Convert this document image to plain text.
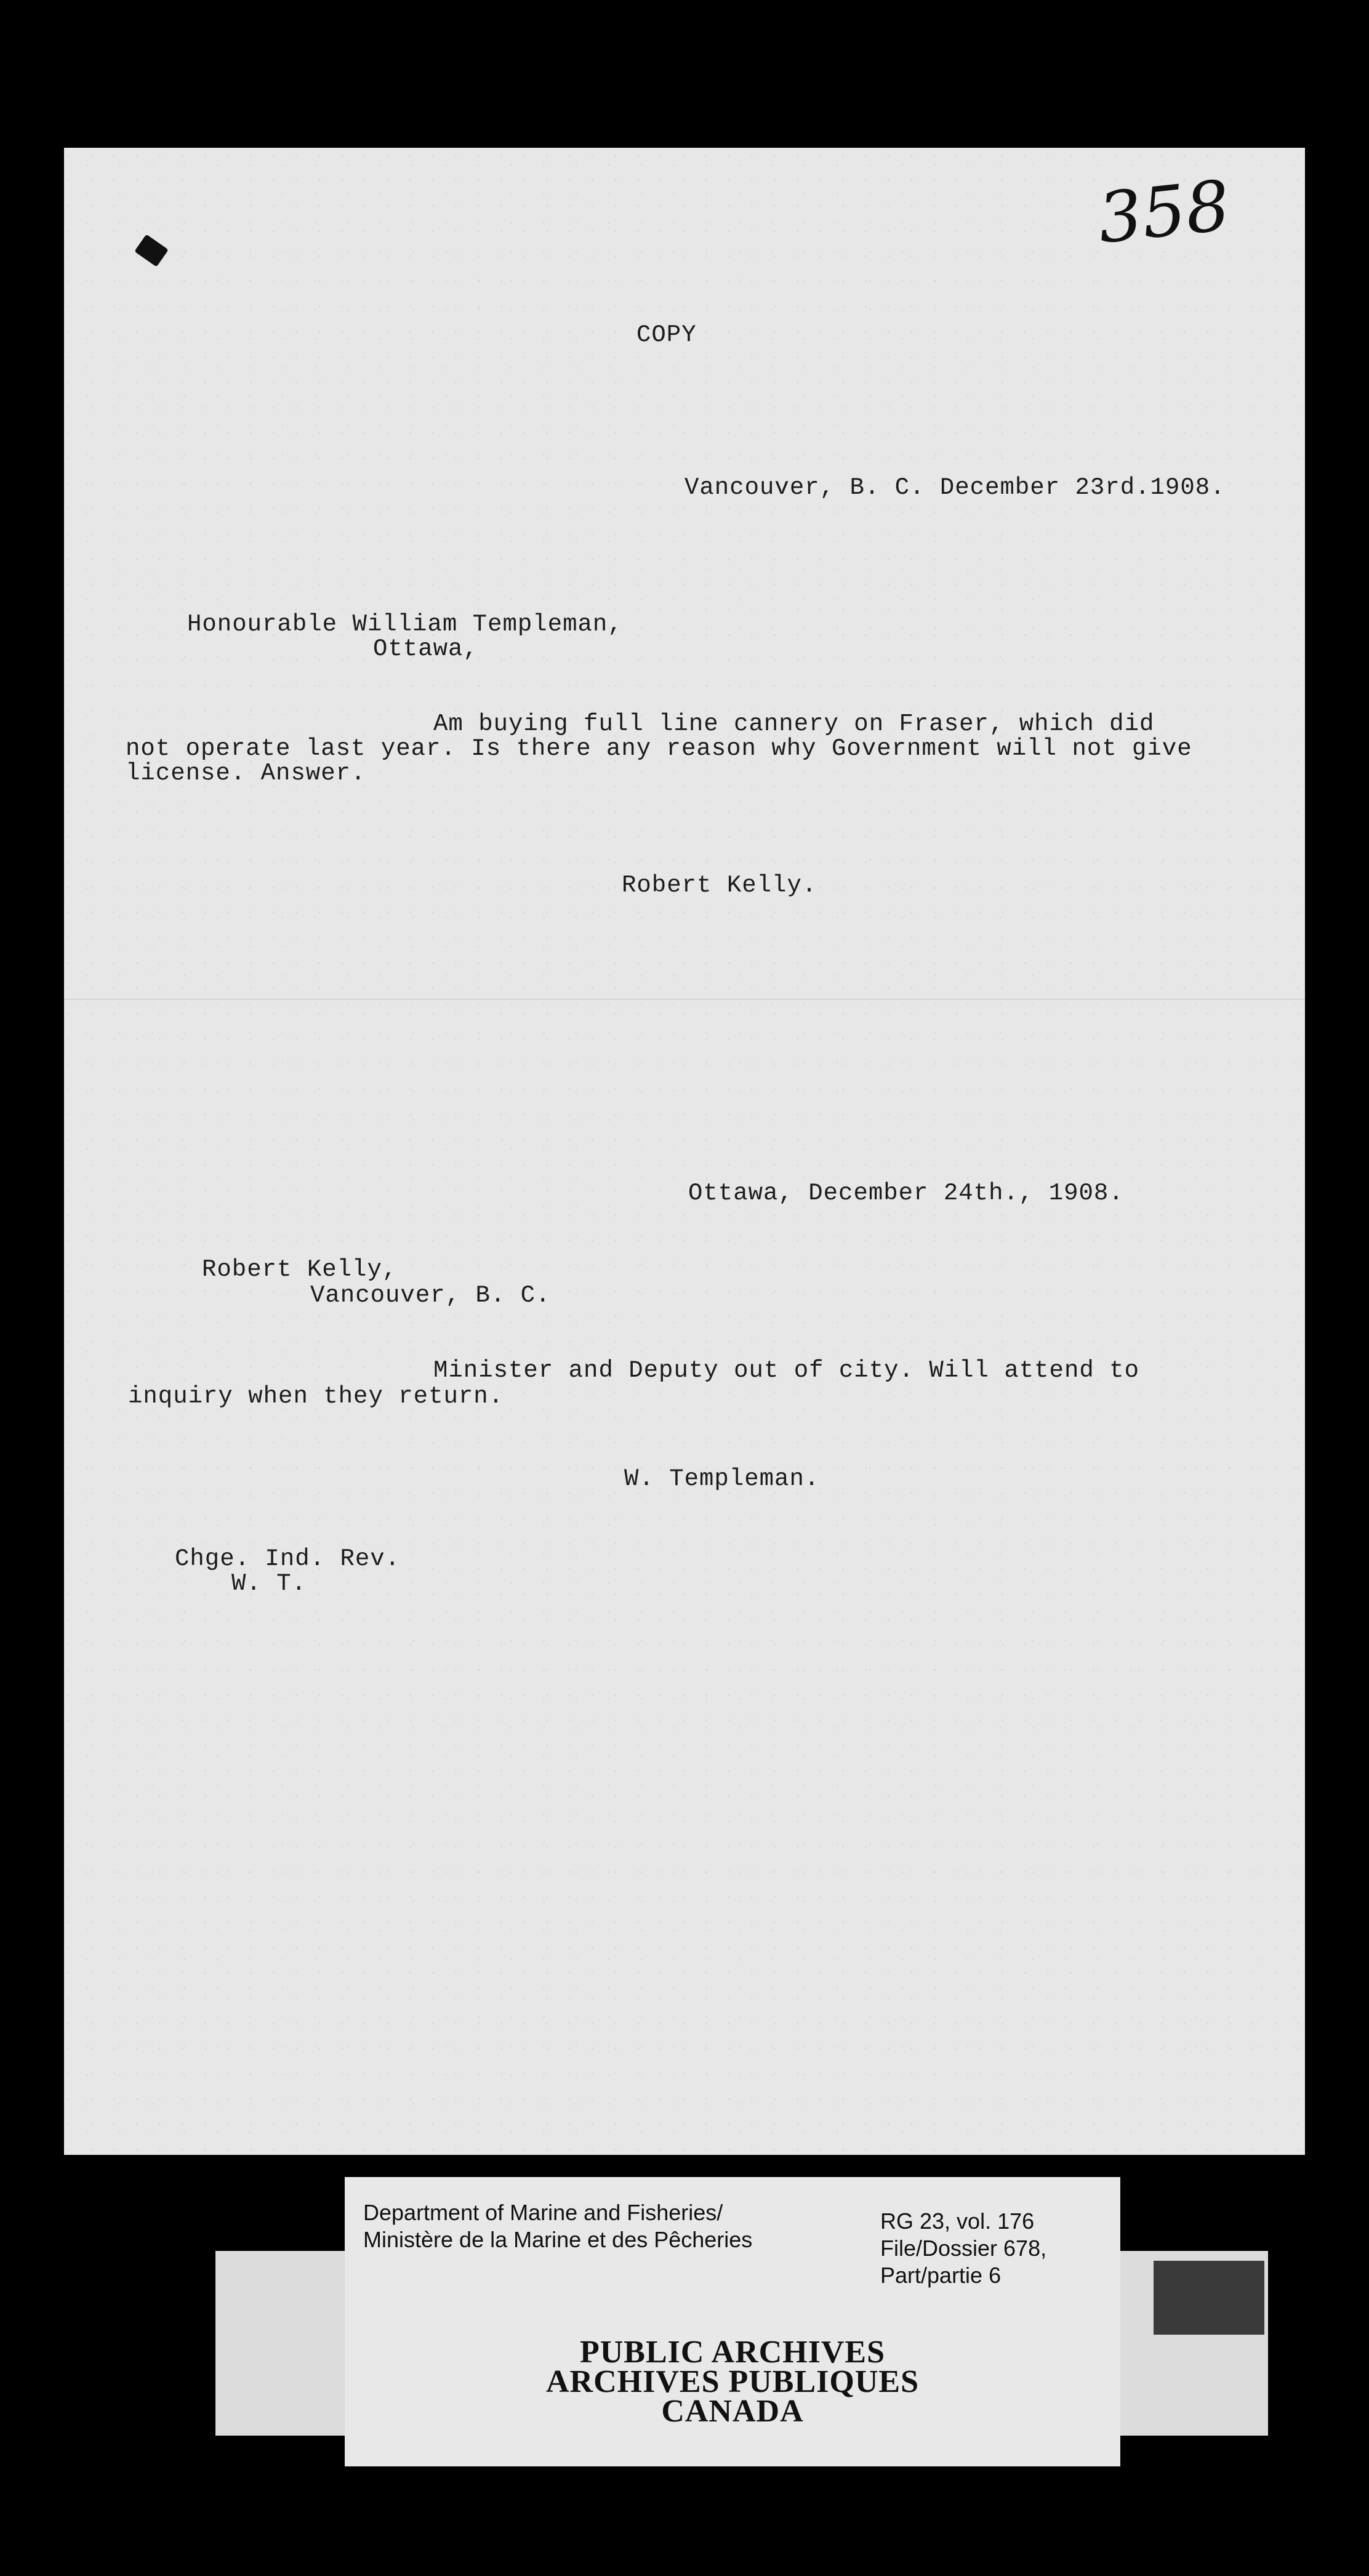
358
COPY
Vancouver, B. C. December 23rd.1908.
Honourable William Templeman,
Ottawa,
Am buying full line cannery on Fraser, which did
not operate last year. Is there any reason why Government will not give
license. Answer.
Robert Kelly.
Ottawa, December 24th., 1908.
Robert Kelly,
Vancouver, B. C.
Minister and Deputy out of city. Will attend to
inquiry when they return.
W. Templeman.
Chge. Ind. Rev.
W. T.
Department of Marine and Fisheries/
Ministère de la Marine et des Pêcheries
RG 23, vol. 176
File/Dossier 678,
Part/partie 6
PUBLIC ARCHIVES
ARCHIVES PUBLIQUES
CANADA
